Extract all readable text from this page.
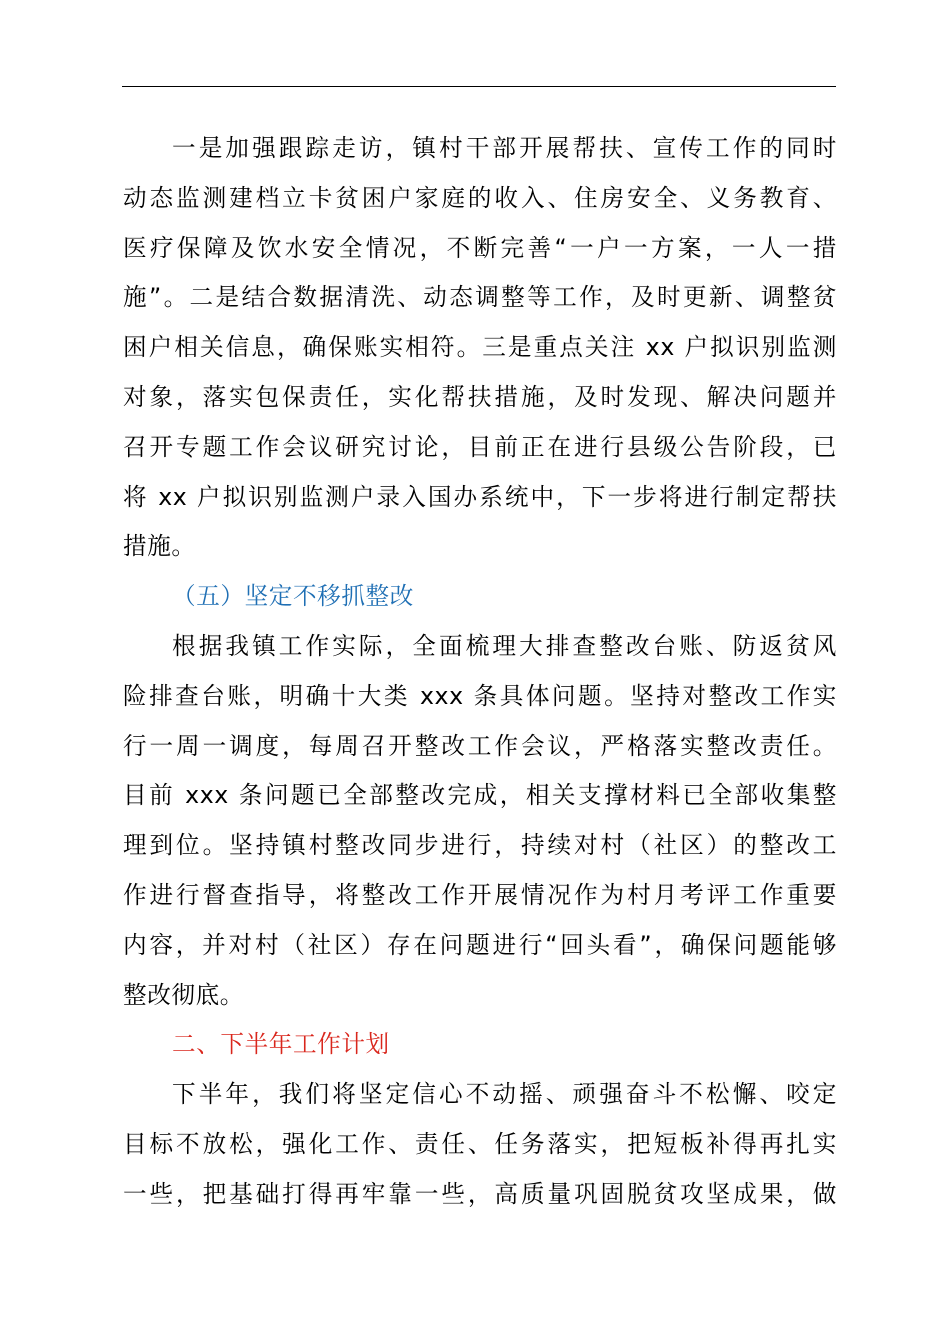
一是加强跟踪走访，镇村干部开展帮扶、宣传工作的同时
动态监测建档立卡贫困户家庭的收入、住房安全、义务教育、
医疗保障及饮水安全情况，不断完善“一户一方案，一人一措
施”。二是结合数据清洗、动态调整等工作，及时更新、调整贫
困户相关信息，确保账实相符。三是重点关注 xx 户拟识别监测
对象，落实包保责任，实化帮扶措施，及时发现、解决问题并
召开专题工作会议研究讨论，目前正在进行县级公告阶段，已
将 xx 户拟识别监测户录入国办系统中，下一步将进行制定帮扶
措施。

（五）坚定不移抓整改

根据我镇工作实际，全面梳理大排查整改台账、防返贫风
险排查台账，明确十大类 xxx 条具体问题。坚持对整改工作实
行一周一调度，每周召开整改工作会议，严格落实整改责任。
目前 xxx 条问题已全部整改完成，相关支撑材料已全部收集整
理到位。坚持镇村整改同步进行，持续对村（社区）的整改工
作进行督查指导，将整改工作开展情况作为村月考评工作重要
内容，并对村（社区）存在问题进行“回头看”，确保问题能够
整改彻底。

二、下半年工作计划

下半年，我们将坚定信心不动摇、顽强奋斗不松懈、咬定
目标不放松，强化工作、责任、任务落实，把短板补得再扎实
一些，把基础打得再牢靠一些，高质量巩固脱贫攻坚成果，做
